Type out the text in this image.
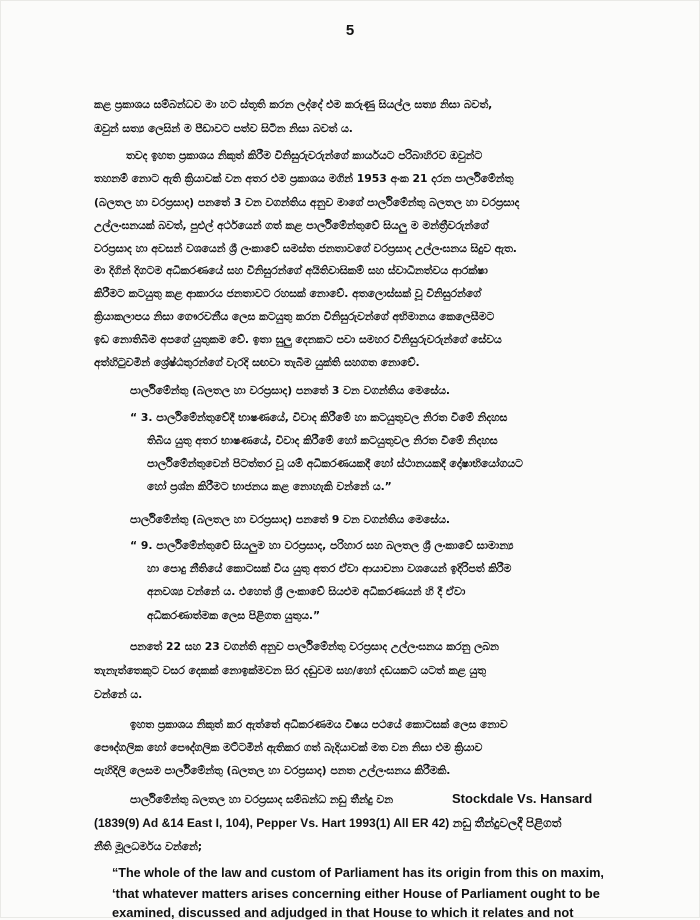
5
කළ ප්‍රකාශය සම්බන්ධව මා හට ස්තූති කරන ලද්දේ එම කරුණු සියල්ල සත්‍ය නිසා බවත්,
ඔවුන් සත්‍ය ලෙසින් ම පීඩාවට පත්ව සිටින නිසා බවත් ය.
තවද ඉහත ප්‍රකාශය නිකුත් කිරීම විනිසුරුවරුන්ගේ කාර්යයට පරිබාහිරව ඔවුන්ට
තහනම් නොට ඇති ක්‍රියාවක් වන අතර එම ප්‍රකාශය මගින් 1953 අංක 21 දරන පාර්ලිමේන්තු
(බලතල හා වරප්‍රසාද) පනතේ 3 වන වගන්තිය අනුව මාගේ පාර්ලිමේන්තු බලතල හා වරප්‍රසාද
උල්ලංඝනයක් බවත්, පුළුල් අර්ථයෙන් ගත් කළ පාර්ලිමේන්තුවේ සියලු ම මන්ත්‍රීවරුන්ගේ
වරප්‍රසාද හා අවසන් වශයෙන් ශ්‍රී ලංකාවේ සමස්ත ජනතාවගේ වරප්‍රසාද උල්ලංඝනය සිදුව ඇත.
මා දිගින් දිගටම අධිකරණයේ සහ විනිසුරන්ගේ අයිතිවාසිකම් සහ ස්වාධීනත්වය ආරක්ෂා
කිරීමට කටයුතු කළ ආකාරය ජනතාවට රහසක් නොවේ. අතලොස්සක් වූ විනිසුරන්ගේ
ක්‍රියාකලාපය නිසා ගෞරවනීය ලෙස කටයුතු කරන විනිසුරුවන්ගේ අභිමානය කෙලෙසීමට
ඉඩ නොතිබීම අපගේ යුතුකම වේ. ඉතා සුලු දෙනකට පවා සමහර විනිසුරුවරුන්ගේ සේවය
අත්හිටුවමින් ශ්‍රේෂ්ඨතුරන්ගේ වැරදි සඟවා තැබීම යුක්ති සහගත නොවේ.
පාර්ලිමේන්තු (බලතල හා වරප්‍රසාද) පනතේ 3 වන වගන්තිය මෙසේය.
“ 3. පාර්ලිමේන්තුවේදී භාෂණයේ, විවාද කිරීමේ හා කටයුතුවල නිරත වීමේ නිදහස
තිබිය යුතු අතර භාෂණයේ, විවාද කිරීමේ හෝ කටයුතුවල නිරත වීමේ නිදහස
පාර්ලිමේන්තුවෙන් පිටත්තර වූ යම් අධිකරණයකදී හෝ ස්ථානයකදී දෝෂාභියෝගයට
හෝ ප්‍රශ්න කිරීමට භාජනය කළ නොහැකි වන්නේ ය.”
පාර්ලිමේන්තු (බලතල හා වරප්‍රසාද) පනතේ 9 වන වගන්තිය මෙසේය.
“ 9. පාර්ලිමේන්තුවේ සියලුම හා වරප්‍රසාද, පරිහාර සහ බලතල ශ්‍රී ලංකාවේ සාමාන්‍ය
හා පොදු නීතියේ කොටසක් විය යුතු අතර ඒවා ආයාචනා වශයෙන් ඉදිරිපත් කිරීම
අනවශ්‍ය වන්නේ ය. එහෙත් ශ්‍රී ලංකාවේ සියළුම අධිකරණයන් හි දී ඒවා
අධිකරණාත්මක ලෙස පිළිගත යුතුය.”
පනතේ 22 සහ 23 වගන්ති අනුව පාර්ලිමේන්තු වරප්‍රසාද උල්ලංඝනය කරනු ලබන
තැනැත්තෙකුට වසර දෙකක් නොඉක්මවන සිර දඬුවම සහ/හෝ දඩයකට යටත් කළ යුතු
වන්නේ ය.
ඉහත ප්‍රකාශය නිකුත් කර ඇත්තේ අධිකරණමය විෂය පථයේ කොටසක් ලෙස නොව
පෞද්ගලික හෝ පෞද්ගලික මට්ටමින් ඇතිකර ගත් බැදියාවක් මත වන නිසා එම ක්‍රියාව
පැහිදිලි ලෙසම පාර්ලිමේන්තු (බලතල හා වරප්‍රසාද) පනත උල්ලංඝනය කිරීමකි.
පාර්ලිමේන්තු බලතල හා වරප්‍රසාද සම්බන්ධ නඩු තීන්දු වන	Stockdale Vs. Hansard
(1839(9) Ad &14 East I, 104), Pepper Vs. Hart 1993(1) All ER 42) නඩු තීන්දුවලදී පිළිගත්
නීති මූලධර්මය වන්නේ;
“The whole of the law and custom of Parliament has its origin from this on maxim,
‘that whatever matters arises concerning either House of Parliament ought to be
examined, discussed and adjudged in that House to which it relates and not
